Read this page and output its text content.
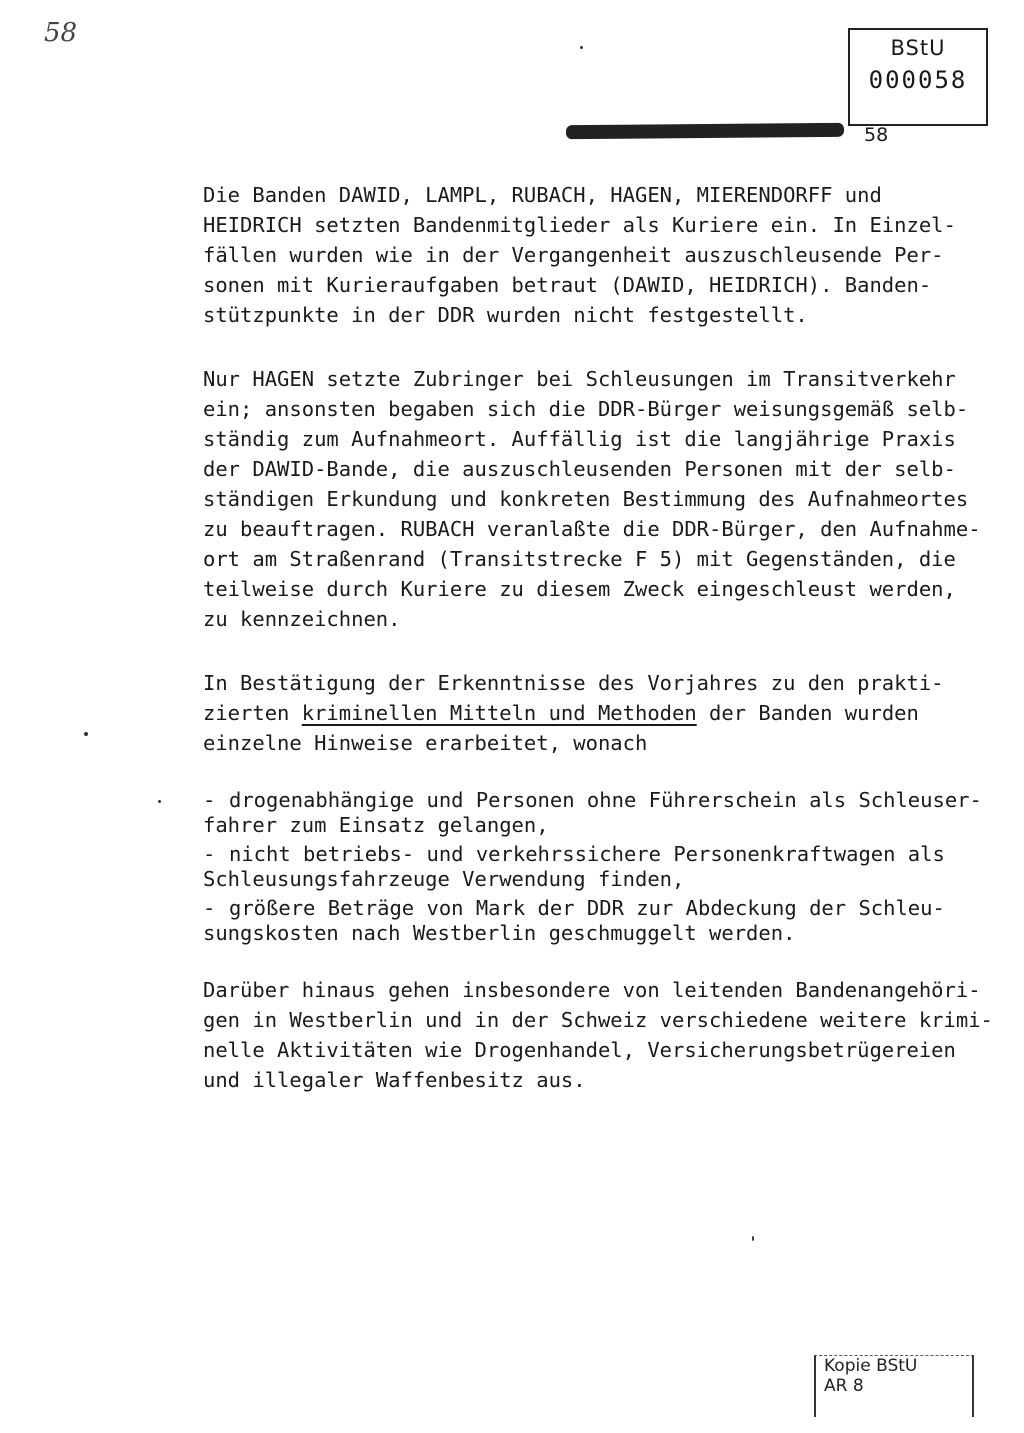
58	BStU
000058
58

Die Banden DAWID, LAMPL, RUBACH, HAGEN, MIERENDORFF und
HEIDRICH setzten Bandenmitglieder als Kuriere ein. In Einzel-
fällen wurden wie in der Vergangenheit auszuschleusende Per-
sonen mit Kurieraufgaben betraut (DAWID, HEIDRICH). Banden-
stützpunkte in der DDR wurden nicht festgestellt.

Nur HAGEN setzte Zubringer bei Schleusungen im Transitverkehr
ein; ansonsten begaben sich die DDR-Bürger weisungsgemäß selb-
ständig zum Aufnahmeort. Auffällig ist die langjährige Praxis
der DAWID-Bande, die auszuschleusenden Personen mit der selb-
ständigen Erkundung und konkreten Bestimmung des Aufnahmeortes
zu beauftragen. RUBACH veranlaßte die DDR-Bürger, den Aufnahme-
ort am Straßenrand (Transitstrecke F 5) mit Gegenständen, die
teilweise durch Kuriere zu diesem Zweck eingeschleust werden,
zu kennzeichnen.

In Bestätigung der Erkenntnisse des Vorjahres zu den prakti-
zierten kriminellen Mitteln und Methoden der Banden wurden
einzelne Hinweise erarbeitet, wonach

- drogenabhängige und Personen ohne Führerschein als Schleuser-
fahrer zum Einsatz gelangen,
- nicht betriebs- und verkehrssichere Personenkraftwagen als
Schleusungsfahrzeuge Verwendung finden,
- größere Beträge von Mark der DDR zur Abdeckung der Schleu-
sungskosten nach Westberlin geschmuggelt werden.

Darüber hinaus gehen insbesondere von leitenden Bandenangehöri-
gen in Westberlin und in der Schweiz verschiedene weitere krimi-
nelle Aktivitäten wie Drogenhandel, Versicherungsbetrügereien
und illegaler Waffenbesitz aus.

Kopie BStU
AR 8
